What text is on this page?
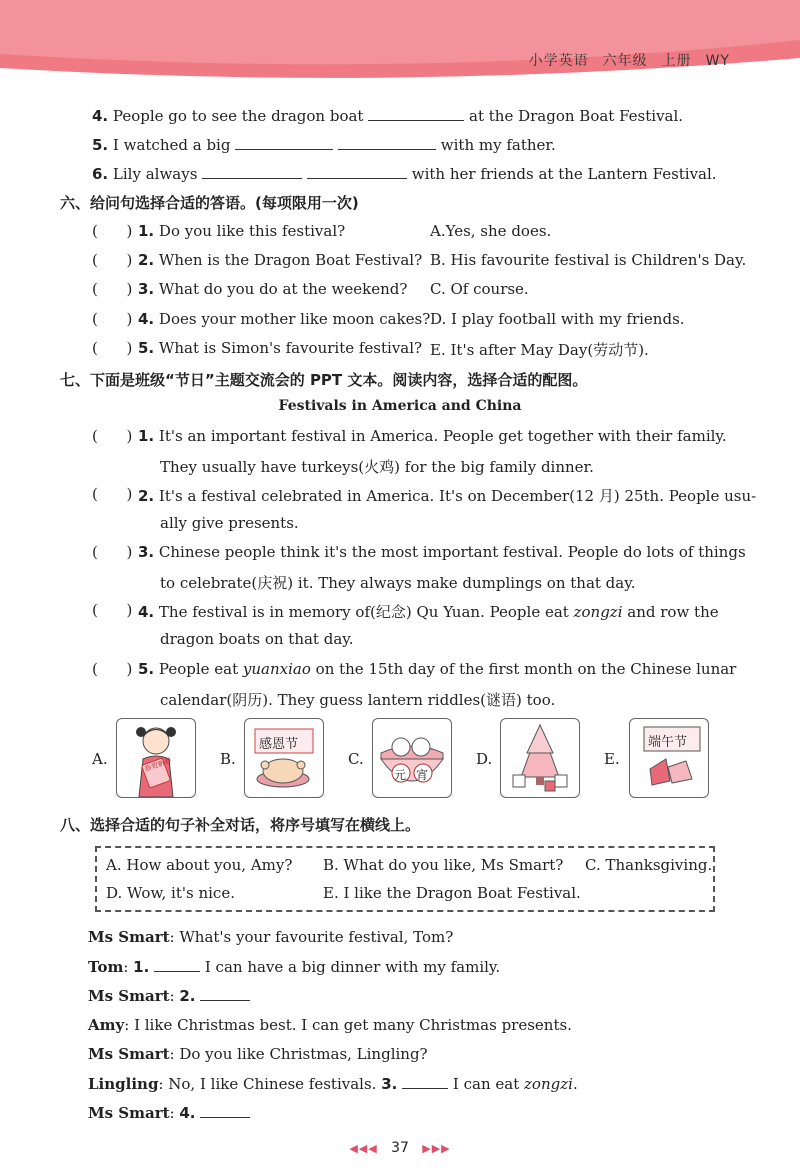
小学英语 六年级 上册 WY
4. People go to see the dragon boat	at the Dragon Boat Festival.
5. I watched a big	with my father.
6. Lily always	with her friends at the Lantern Festival.
六、给问句选择合适的答语。(每项限用一次)
( ) 1. Do you like this festival?	A.Yes, she does.
( ) 2. When is the Dragon Boat Festival? B. His favourite festival is Children's Day.
( ) 3. What do you do at the weekend? C. Of course.
( ) 4. Does your mother like moon cakes? D. I play football with my friends.
( ) 5. What is Simon's favourite festival? E. It's after May Day(劳动节).
七、下面是班级“节日”主题交流会的 PPT 文本。阅读内容，选择合适的配图。
Festivals in America and China
(      ) 1. It's an important festival in America. People get together with their family.
They usually have turkeys(火鸡) for the big family dinner.
(      ) 2. It's a festival celebrated in America. It's on December(12 月) 25th. People usu-
ally give presents.
(      ) 3. Chinese people think it's the most important festival. People do lots of things
to celebrate(庆祝) it. They always make dumplings on that day.
(      ) 4. The festival is in memory of(纪念) Qu Yuan. People eat zongzi and row the
dragon boats on that day.
(      ) 5. People eat yuanxiao on the 15th day of the first month on the Chinese lunar
calendar(阴历). They guess lantern riddles(谜语) too.
A.	恭贺新春	B.
感恩节
C.
元 宵
D.	E.
端午节
八、选择合适的句子补全对话，将序号填写在横线上。
A. How about you, Amy? B. What do you like, Ms Smart? C. Thanksgiving.
D. Wow, it's nice.	E. I like the Dragon Boat Festival.
Ms Smart: What's your favourite festival, Tom?
Tom: 1.	I can have a big dinner with my family.
Ms Smart: 2.
Amy: I like Christmas best. I can get many Christmas presents.
Ms Smart: Do you like Christmas, Lingling?
Lingling: No, I like Chinese festivals. 3.	I can eat zongzi.
Ms Smart: 4.
◀◀◀ 37 ▶▶▶
